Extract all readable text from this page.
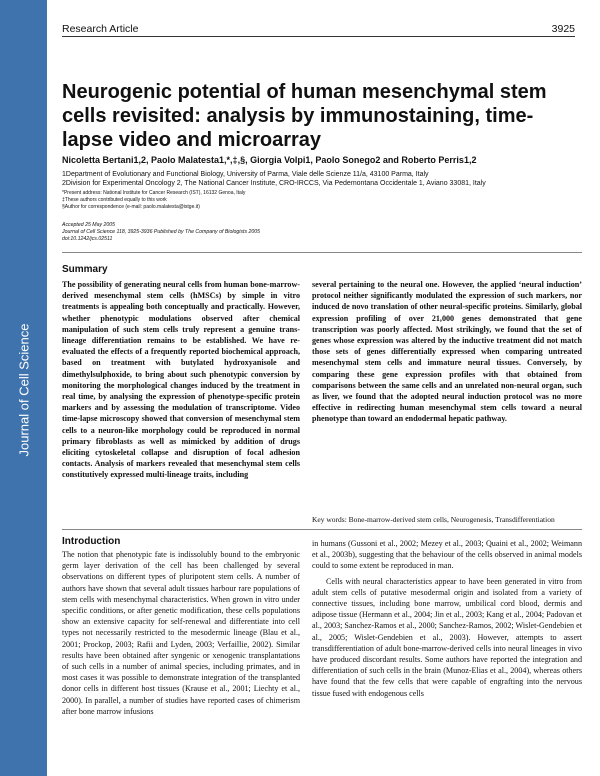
Journal of Cell Science
Research Article	3925
Neurogenic potential of human mesenchymal stem cells revisited: analysis by immunostaining, time-lapse video and microarray
Nicoletta Bertani1,2, Paolo Malatesta1,*,‡,§, Giorgia Volpi1, Paolo Sonego2 and Roberto Perris1,2
1Department of Evolutionary and Functional Biology, University of Parma, Viale delle Scienze 11/a, 43100 Parma, Italy
2Division for Experimental Oncology 2, The National Cancer Institute, CRO-IRCCS, Via Pedemontana Occidentale 1, Aviano 33081, Italy
*Present address: National Institute for Cancer Research (IST), 16132 Genoa, Italy
‡These authors contributed equally to this work
§Author for correspondence (e-mail: paolo.malatesta@istge.it)
Accepted 25 May 2005
Journal of Cell Science 118, 3925-3936 Published by The Company of Biologists 2005
doi:10.1242/jcs.02511
Summary
The possibility of generating neural cells from human bone-marrow-derived mesenchymal stem cells (hMSCs) by simple in vitro treatments is appealing both conceptually and practically. However, whether phenotypic modulations observed after chemical manipulation of such stem cells truly represent a genuine trans-lineage differentiation remains to be established. We have re-evaluated the effects of a frequently reported biochemical approach, based on treatment with butylated hydroxyanisole and dimethylsulphoxide, to bring about such phenotypic conversion by monitoring the morphological changes induced by the treatment in real time, by analysing the expression of phenotype-specific protein markers and by assessing the modulation of transcriptome. Video time-lapse microscopy showed that conversion of mesenchymal stem cells to a neuron-like morphology could be reproduced in normal primary fibroblasts as well as mimicked by addition of drugs eliciting cytoskeletal collapse and disruption of focal adhesion contacts. Analysis of markers revealed that mesenchymal stem cells constitutively expressed multi-lineage traits, including
several pertaining to the neural one. However, the applied ‘neural induction’ protocol neither significantly modulated the expression of such markers, nor induced de novo translation of other neural-specific proteins. Similarly, global expression profiling of over 21,000 genes demonstrated that gene transcription was poorly affected. Most strikingly, we found that the set of genes whose expression was altered by the inductive treatment did not match those sets of genes differentially expressed when comparing untreated mesenchymal stem cells and immature neural tissues. Conversely, by comparing these gene expression profiles with that obtained from comparisons between the same cells and an unrelated non-neural organ, such as liver, we found that the adopted neural induction protocol was no more effective in redirecting human mesenchymal stem cells toward a neural phenotype than toward an endodermal hepatic pathway.
Key words: Bone-marrow-derived stem cells, Neurogenesis, Transdifferentiation
Introduction
The notion that phenotypic fate is indissolubly bound to the embryonic germ layer derivation of the cell has been challenged by several observations on different types of pluripotent stem cells. A number of authors have shown that several adult tissues harbour rare populations of stem cells with mesenchymal characteristics. When grown in vitro under specific conditions, or after genetic modification, these cells populations show an extensive capacity for self-renewal and differentiate into cell types not necessarily restricted to the mesodermic lineage (Blau et al., 2001; Prockop, 2003; Rafii and Lyden, 2003; Verfaillie, 2002). Similar results have been obtained after syngenic or xenogenic transplantations of such cells in a number of animal species, including primates, and in most cases it was possible to demonstrate integration of the transplanted donor cells in different host tissues (Krause et al., 2001; Liechty et al., 2000). In parallel, a number of studies have reported cases of chimerism after bone marrow infusions
in humans (Gussoni et al., 2002; Mezey et al., 2003; Quaini et al., 2002; Weimann et al., 2003b), suggesting that the behaviour of the cells observed in animal models could to some extent be reproduced in man.
Cells with neural characteristics appear to have been generated in vitro from adult stem cells of putative mesodermal origin and isolated from a variety of connective tissues, including bone marrow, umbilical cord blood, dermis and adipose tissue (Hermann et al., 2004; Jin et al., 2003; Kang et al., 2004; Padovan et al., 2003; Sanchez-Ramos et al., 2000; Sanchez-Ramos, 2002; Wislet-Gendebien et al., 2005; Wislet-Gendebien et al., 2003). However, attempts to assert transdifferentiation of adult bone-marrow-derived cells into neural lineages in vivo have produced discordant results. Some authors have reported the integration and differentiation of such cells in the brain (Munoz-Elias et al., 2004), whereas others have found that the few cells that were capable of engrafting into the nervous tissue fused with endogenous cells
